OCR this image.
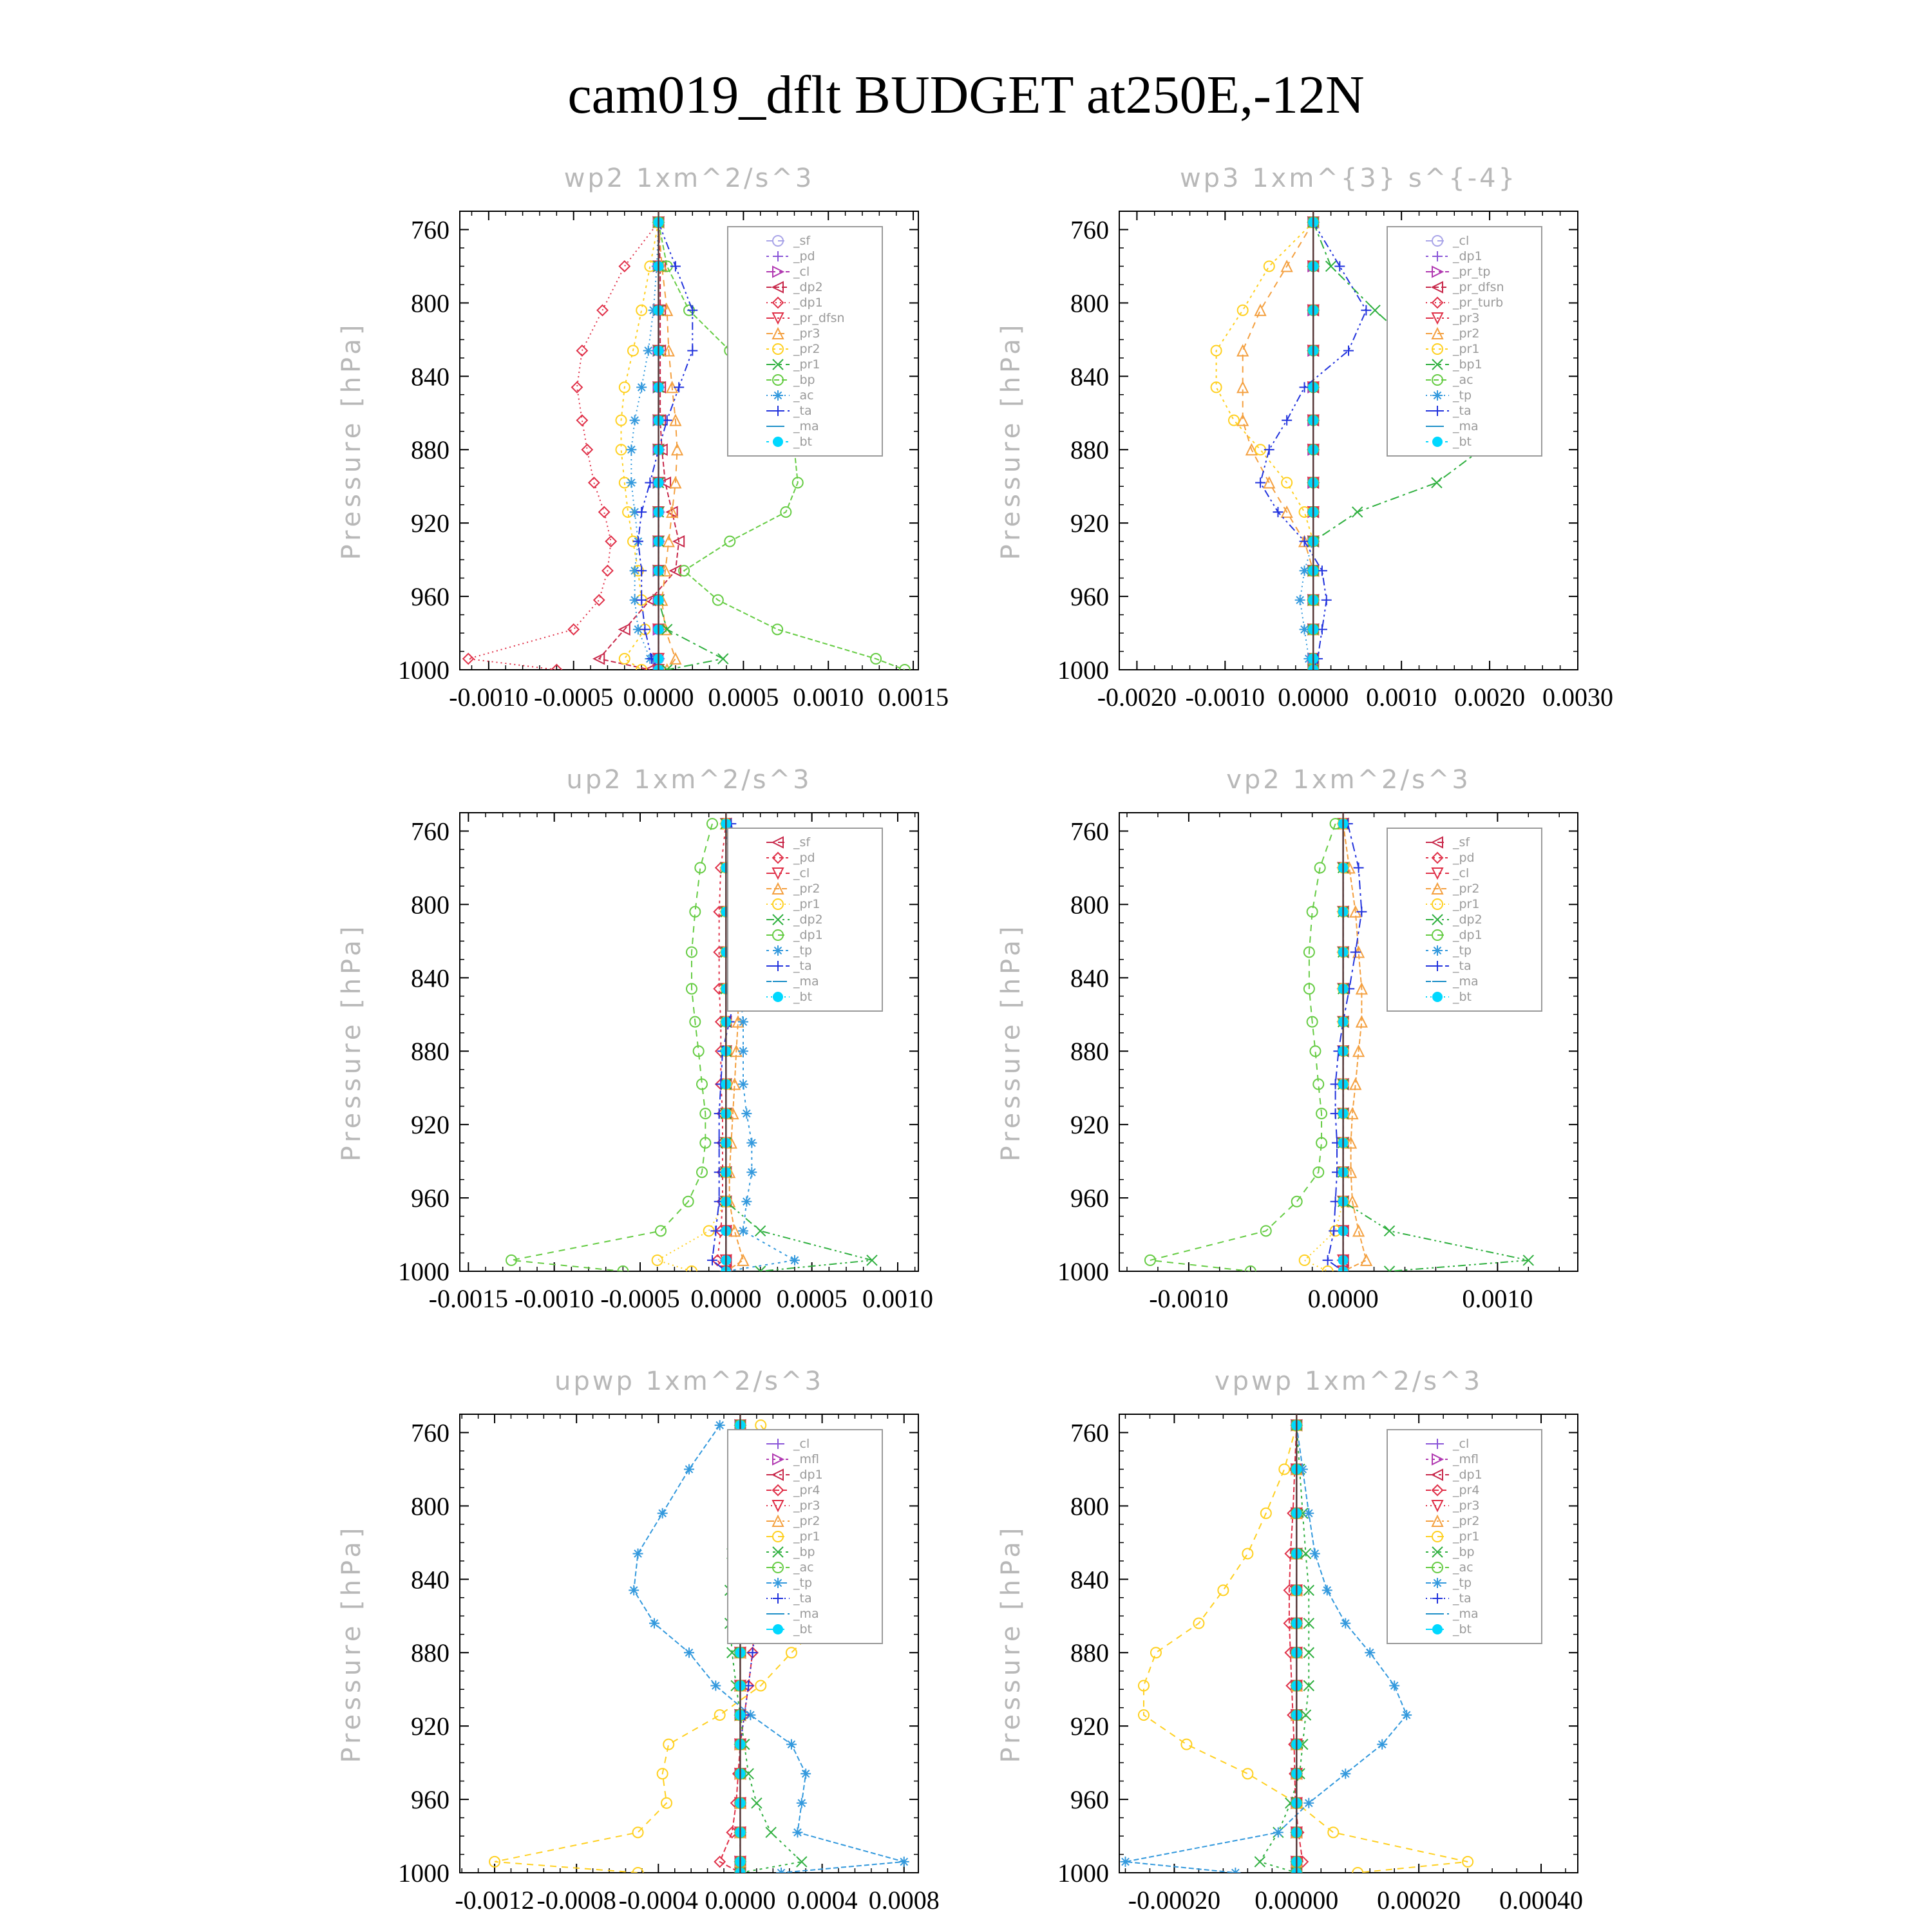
cam019_dflt BUDGET at250E,-12N
wp2 1xm^2/s^3
Pressure [hPa]
760
800
840
880
920
960
1000
-0.0010 -0.0005 0.0000 0.0005 0.0010 0.0015
_sf
_pd
_cl
_dp2
_dp1
_pr_dfsn
_pr3
_pr2
_pr1
_bp
_ac
_ta
_ma
_bt
wp3 1xm^{3} s^{-4}
Pressure [hPa]
760
800
840
880
920
960
1000
-0.0020 -0.0010 0.0000 0.0010 0.0020 0.0030
_cl
_dp1
_pr_tp
_pr_dfsn
_pr_turb
_pr3
_pr2
_pr1
_bp1
_ac
_tp
_ta
_ma
_bt
up2 1xm^2/s^3
Pressure [hPa]
760
800
840
880
920
960
1000
-0.0015 -0.0010 -0.0005 0.0000 0.0005 0.0010
_sf
_pd
_cl
_pr2
_pr1
_dp2
_dp1
_tp
_ta
_ma
_bt
vp2 1xm^2/s^3
Pressure [hPa]
760
800
840
880
920
960
1000
-0.0010	0.0000	0.0010
_sf
_pd
_cl
_pr2
_pr1
_dp2
_dp1
_tp
_ta
_ma
_bt
upwp 1xm^2/s^3
Pressure [hPa]
760
800
840
880
920
960
1000
-0.0012 -0.0008 -0.0004 0.0000 0.0004 0.0008
_cl
_mfl
_dp1
_pr4
_pr3
_pr2
_pr1
_bp
_ac
_tp
_ta
_ma
_bt
vpwp 1xm^2/s^3
Pressure [hPa]
760
800
840
880
920
960
1000
-0.00020 0.00000 0.00020 0.00040
_cl
_mfl
_dp1
_pr4
_pr3
_pr2
_pr1
_bp
_ac
_tp
_ta
_ma
_bt
